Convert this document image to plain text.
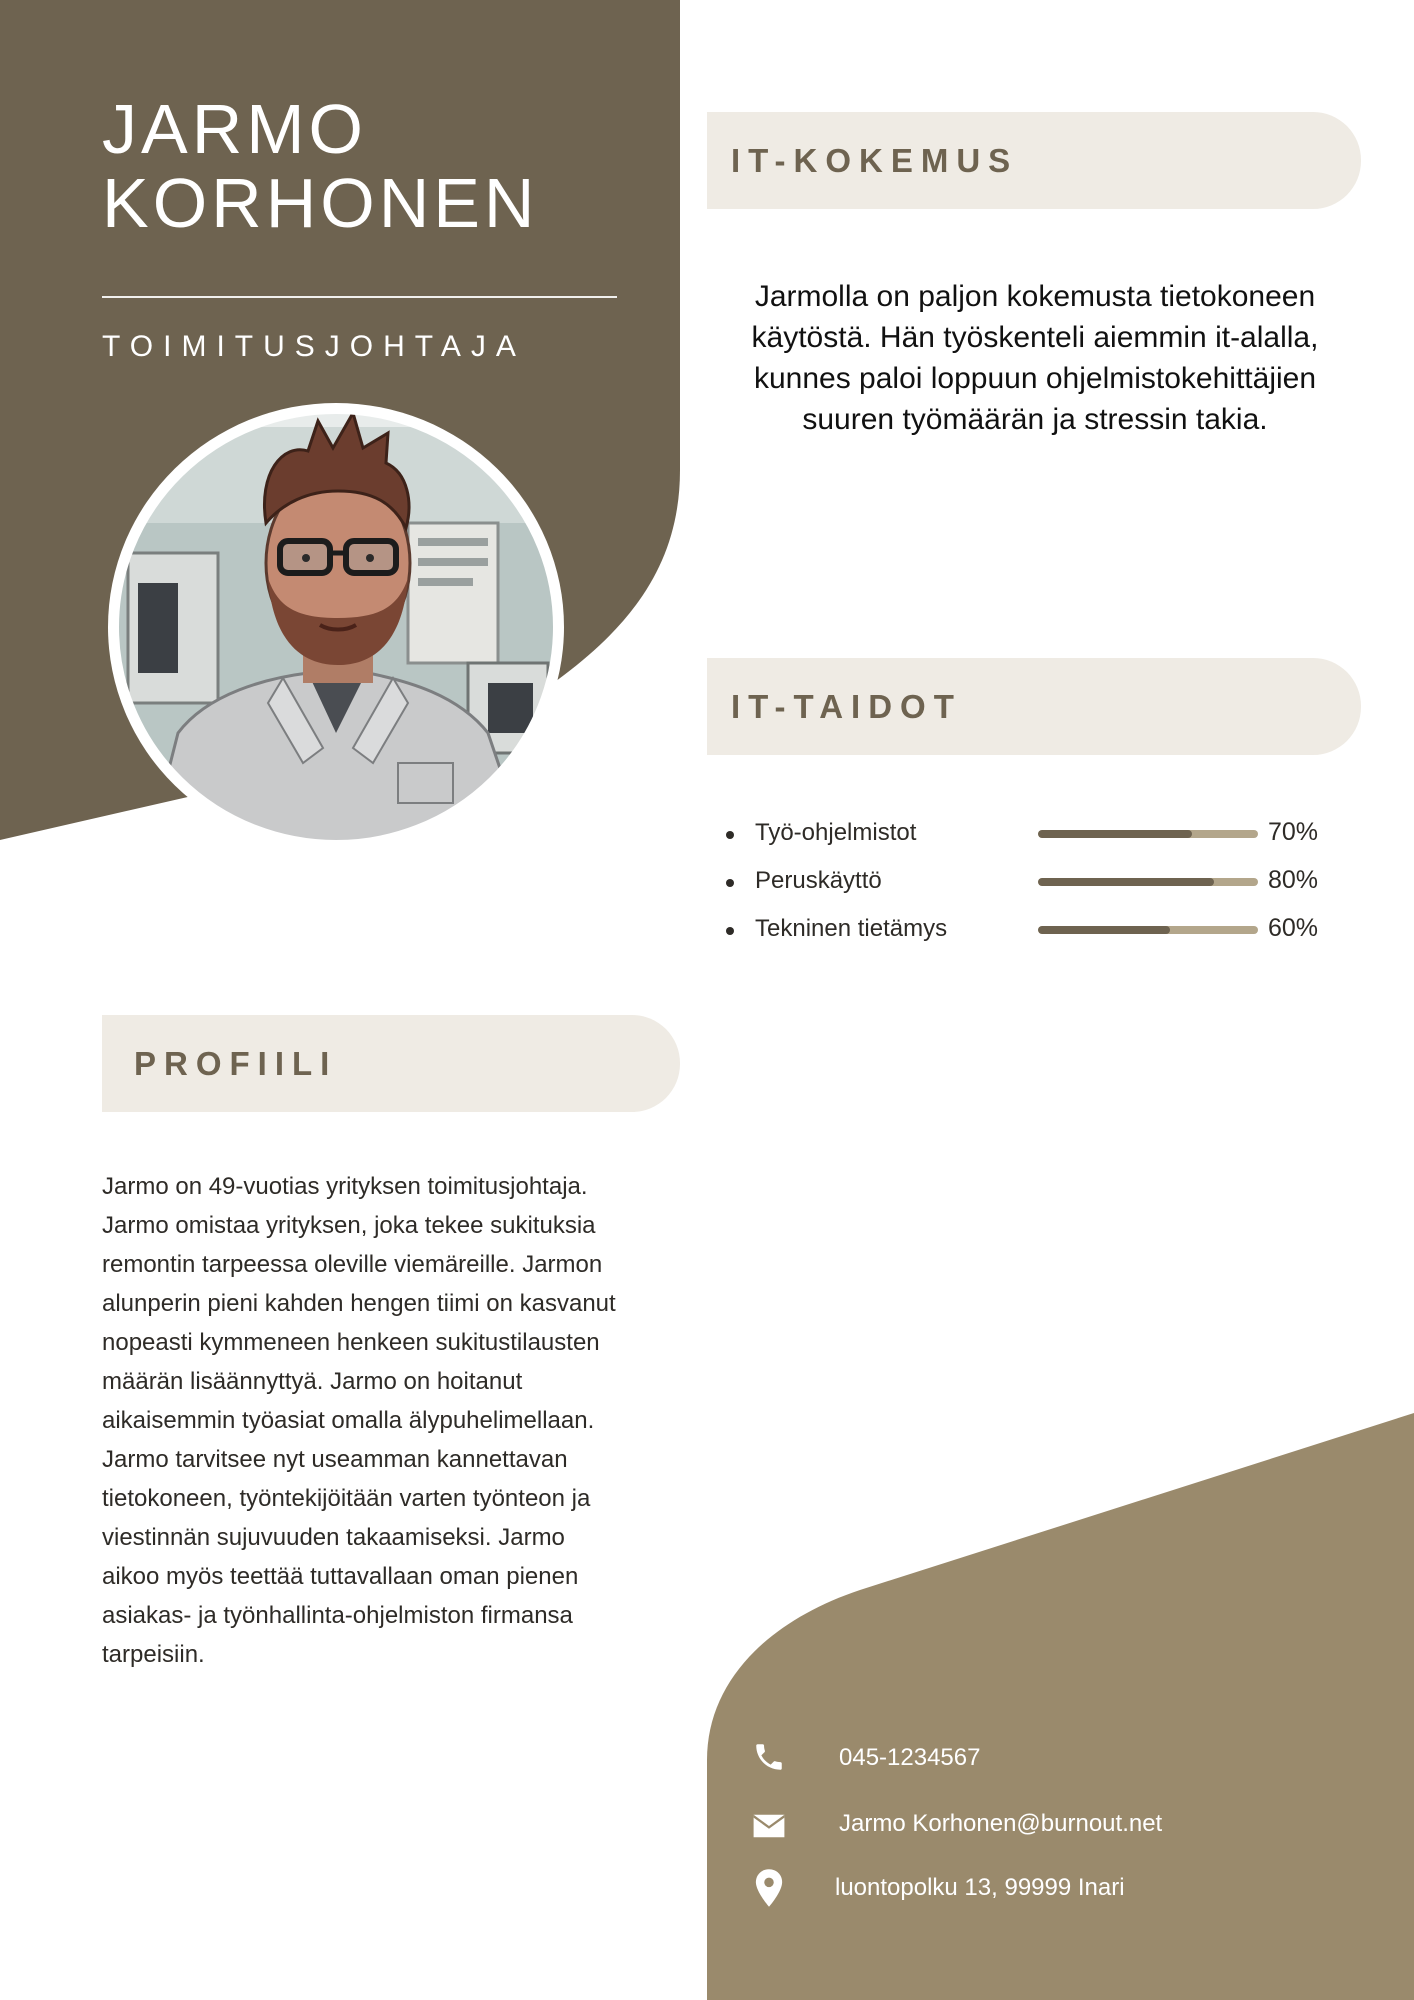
JARMO
KORHONEN
TOIMITUSJOHTAJA
IT-KOKEMUS

Jarmolla on paljon kokemusta tietokoneen käytöstä. Hän työskenteli aiemmin it-alalla, kunnes paloi loppuun ohjelmistokehittäjien suuren työmäärän ja stressin takia.

IT-TAIDOT
Työ-ohjelmistot	70%
Peruskäyttö	80%
Tekninen tietämys	60%
PROFIILI

Jarmo on 49-vuotias yrityksen toimitusjohtaja. Jarmo omistaa yrityksen, joka tekee sukituksia remontin tarpeessa oleville viemäreille. Jarmon alunperin pieni kahden hengen tiimi on kasvanut nopeasti kymmeneen henkeen sukitustilausten määrän lisäännyttyä. Jarmo on hoitanut aikaisemmin työasiat omalla älypuhelimellaan. Jarmo tarvitsee nyt useamman kannettavan tietokoneen, työntekijöitään varten työnteon ja viestinnän sujuvuuden takaamiseksi. Jarmo aikoo myös teettää tuttavallaan oman pienen asiakas- ja työnhallinta-ohjelmiston firmansa tarpeisiin.

045-1234567
Jarmo Korhonen@burnout.net
luontopolku 13, 99999 Inari
